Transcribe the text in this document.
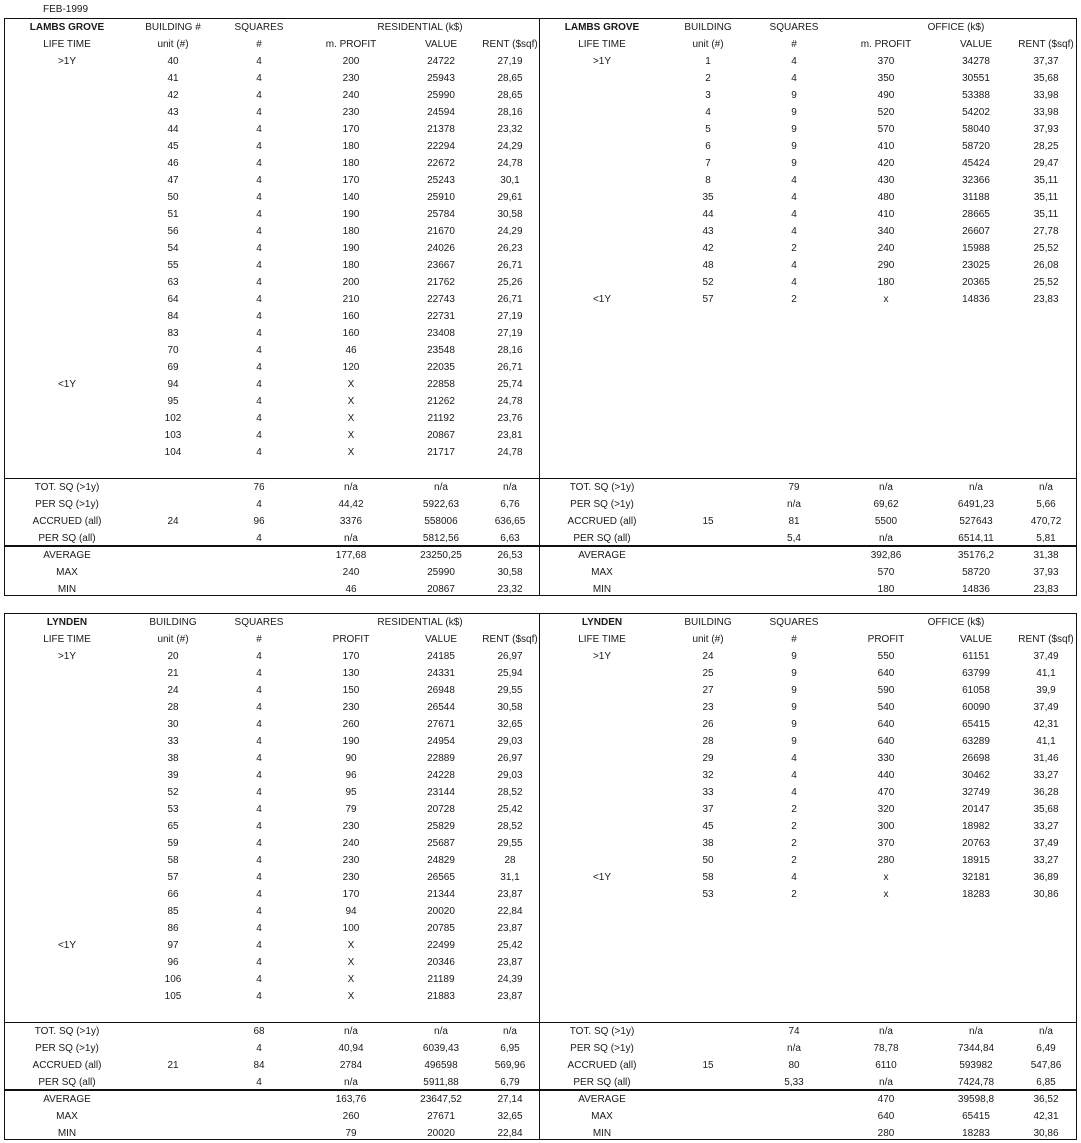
FEB-1999
LAMBS GROVE	BUILDING #	SQUARES	RESIDENTIAL (k$)		
LIFE TIME	unit (#)	#	m. PROFIT	VALUE	RENT ($sqf)
>1Y	40	4	200	24722	27,19
	41	4	230	25943	28,65
	42	4	240	25990	28,65
	43	4	230	24594	28,16
	44	4	170	21378	23,32
	45	4	180	22294	24,29
	46	4	180	22672	24,78
	47	4	170	25243	30,1
	50	4	140	25910	29,61
	51	4	190	25784	30,58
	56	4	180	21670	24,29
	54	4	190	24026	26,23
	55	4	180	23667	26,71
	63	4	200	21762	25,26
	64	4	210	22743	26,71
	84	4	160	22731	27,19
	83	4	160	23408	27,19
	70	4	46	23548	28,16
	69	4	120	22035	26,71
<1Y	94	4	X	22858	25,74
	95	4	X	21262	24,78
	102	4	X	21192	23,76
	103	4	X	20867	23,81
	104	4	X	21717	24,78
TOT. SQ (>1y)		76	n/a	n/a	n/a
PER SQ (>1y)		4	44,42	5922,63	6,76
ACCRUED (all)	24	96	3376	558006	636,65
PER SQ (all)		4	n/a	5812,56	6,63
AVERAGE			177,68	23250,25	26,53
MAX			240	25990	30,58
MIN			46	20867	23,32
LAMBS GROVE	BUILDING	SQUARES	OFFICE (k$)		
LIFE TIME	unit (#)	#	m. PROFIT	VALUE	RENT ($sqf)
>1Y	1	4	370	34278	37,37
	2	4	350	30551	35,68
	3	9	490	53388	33,98
	4	9	520	54202	33,98
	5	9	570	58040	37,93
	6	9	410	58720	28,25
	7	9	420	45424	29,47
	8	4	430	32366	35,11
	35	4	480	31188	35,11
	44	4	410	28665	35,11
	43	4	340	26607	27,78
	42	2	240	15988	25,52
	48	4	290	23025	26,08
	52	4	180	20365	25,52
<1Y	57	2	x	14836	23,83
TOT. SQ (>1y)		79	n/a	n/a	n/a
PER SQ (>1y)		n/a	69,62	6491,23	5,66
ACCRUED (all)	15	81	5500	527643	470,72
PER SQ (all)		5,4	n/a	6514,11	5,81
AVERAGE			392,86	35176,2	31,38
MAX			570	58720	37,93
MIN			180	14836	23,83
LYNDEN	BUILDING	SQUARES	RESIDENTIAL (k$)		
LIFE TIME	unit (#)	#	PROFIT	VALUE	RENT ($sqf)
>1Y	20	4	170	24185	26,97
	21	4	130	24331	25,94
	24	4	150	26948	29,55
	28	4	230	26544	30,58
	30	4	260	27671	32,65
	33	4	190	24954	29,03
	38	4	90	22889	26,97
	39	4	96	24228	29,03
	52	4	95	23144	28,52
	53	4	79	20728	25,42
	65	4	230	25829	28,52
	59	4	240	25687	29,55
	58	4	230	24829	28
	57	4	230	26565	31,1
	66	4	170	21344	23,87
	85	4	94	20020	22,84
	86	4	100	20785	23,87
<1Y	97	4	X	22499	25,42
	96	4	X	20346	23,87
	106	4	X	21189	24,39
	105	4	X	21883	23,87
TOT. SQ (>1y)		68	n/a	n/a	n/a
PER SQ (>1y)		4	40,94	6039,43	6,95
ACCRUED (all)	21	84	2784	496598	569,96
PER SQ (all)		4	n/a	5911,88	6,79
AVERAGE			163,76	23647,52	27,14
MAX			260	27671	32,65
MIN			79	20020	22,84
LYNDEN	BUILDING	SQUARES	OFFICE (k$)		
LIFE TIME	unit (#)	#	PROFIT	VALUE	RENT ($sqf)
>1Y	24	9	550	61151	37,49
	25	9	640	63799	41,1
	27	9	590	61058	39,9
	23	9	540	60090	37,49
	26	9	640	65415	42,31
	28	9	640	63289	41,1
	29	4	330	26698	31,46
	32	4	440	30462	33,27
	33	4	470	32749	36,28
	37	2	320	20147	35,68
	45	2	300	18982	33,27
	38	2	370	20763	37,49
	50	2	280	18915	33,27
<1Y	58	4	x	32181	36,89
	53	2	x	18283	30,86
TOT. SQ (>1y)		74	n/a	n/a	n/a
PER SQ (>1y)		n/a	78,78	7344,84	6,49
ACCRUED (all)	15	80	6110	593982	547,86
PER SQ (all)		5,33	n/a	7424,78	6,85
AVERAGE			470	39598,8	36,52
MAX			640	65415	42,31
MIN			280	18283	30,86
